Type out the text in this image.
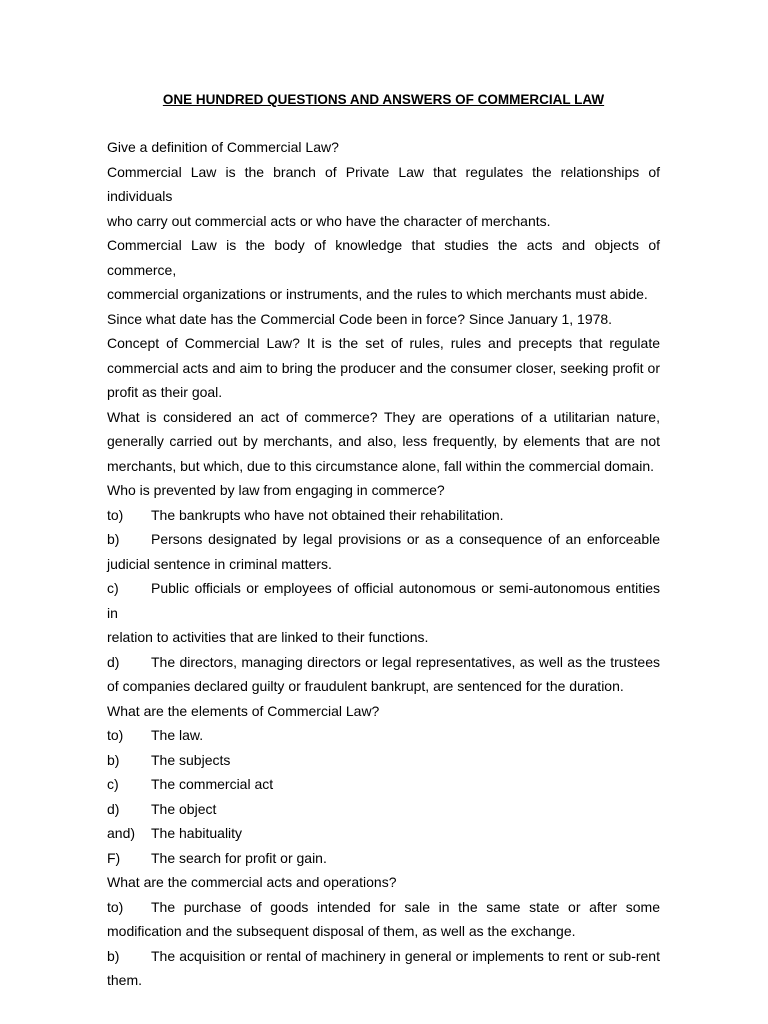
ONE HUNDRED QUESTIONS AND ANSWERS OF COMMERCIAL LAW
Give a definition of Commercial Law?
Commercial Law is the branch of Private Law that regulates the relationships of individuals
who carry out commercial acts or who have the character of merchants.
Commercial Law is the body of knowledge that studies the acts and objects of commerce,
commercial organizations or instruments, and the rules to which merchants must abide.
Since what date has the Commercial Code been in force? Since January 1, 1978.
Concept of Commercial Law? It is the set of rules, rules and precepts that regulate
commercial acts and aim to bring the producer and the consumer closer, seeking profit or
profit as their goal.
What is considered an act of commerce? They are operations of a utilitarian nature,
generally carried out by merchants, and also, less frequently, by elements that are not
merchants, but which, due to this circumstance alone, fall within the commercial domain.
Who is prevented by law from engaging in commerce?
to) The bankrupts who have not obtained their rehabilitation.
b) Persons designated by legal provisions or as a consequence of an enforceable
judicial sentence in criminal matters.
c) Public officials or employees of official autonomous or semi-autonomous entities in
relation to activities that are linked to their functions.
d) The directors, managing directors or legal representatives, as well as the trustees
of companies declared guilty or fraudulent bankrupt, are sentenced for the duration.
What are the elements of Commercial Law?
to) The law.
b) The subjects
c) The commercial act
d) The object
and) The habituality
F) The search for profit or gain.
What are the commercial acts and operations?
to) The purchase of goods intended for sale in the same state or after some
modification and the subsequent disposal of them, as well as the exchange.
b) The acquisition or rental of machinery in general or implements to rent or sub-rent
them.
